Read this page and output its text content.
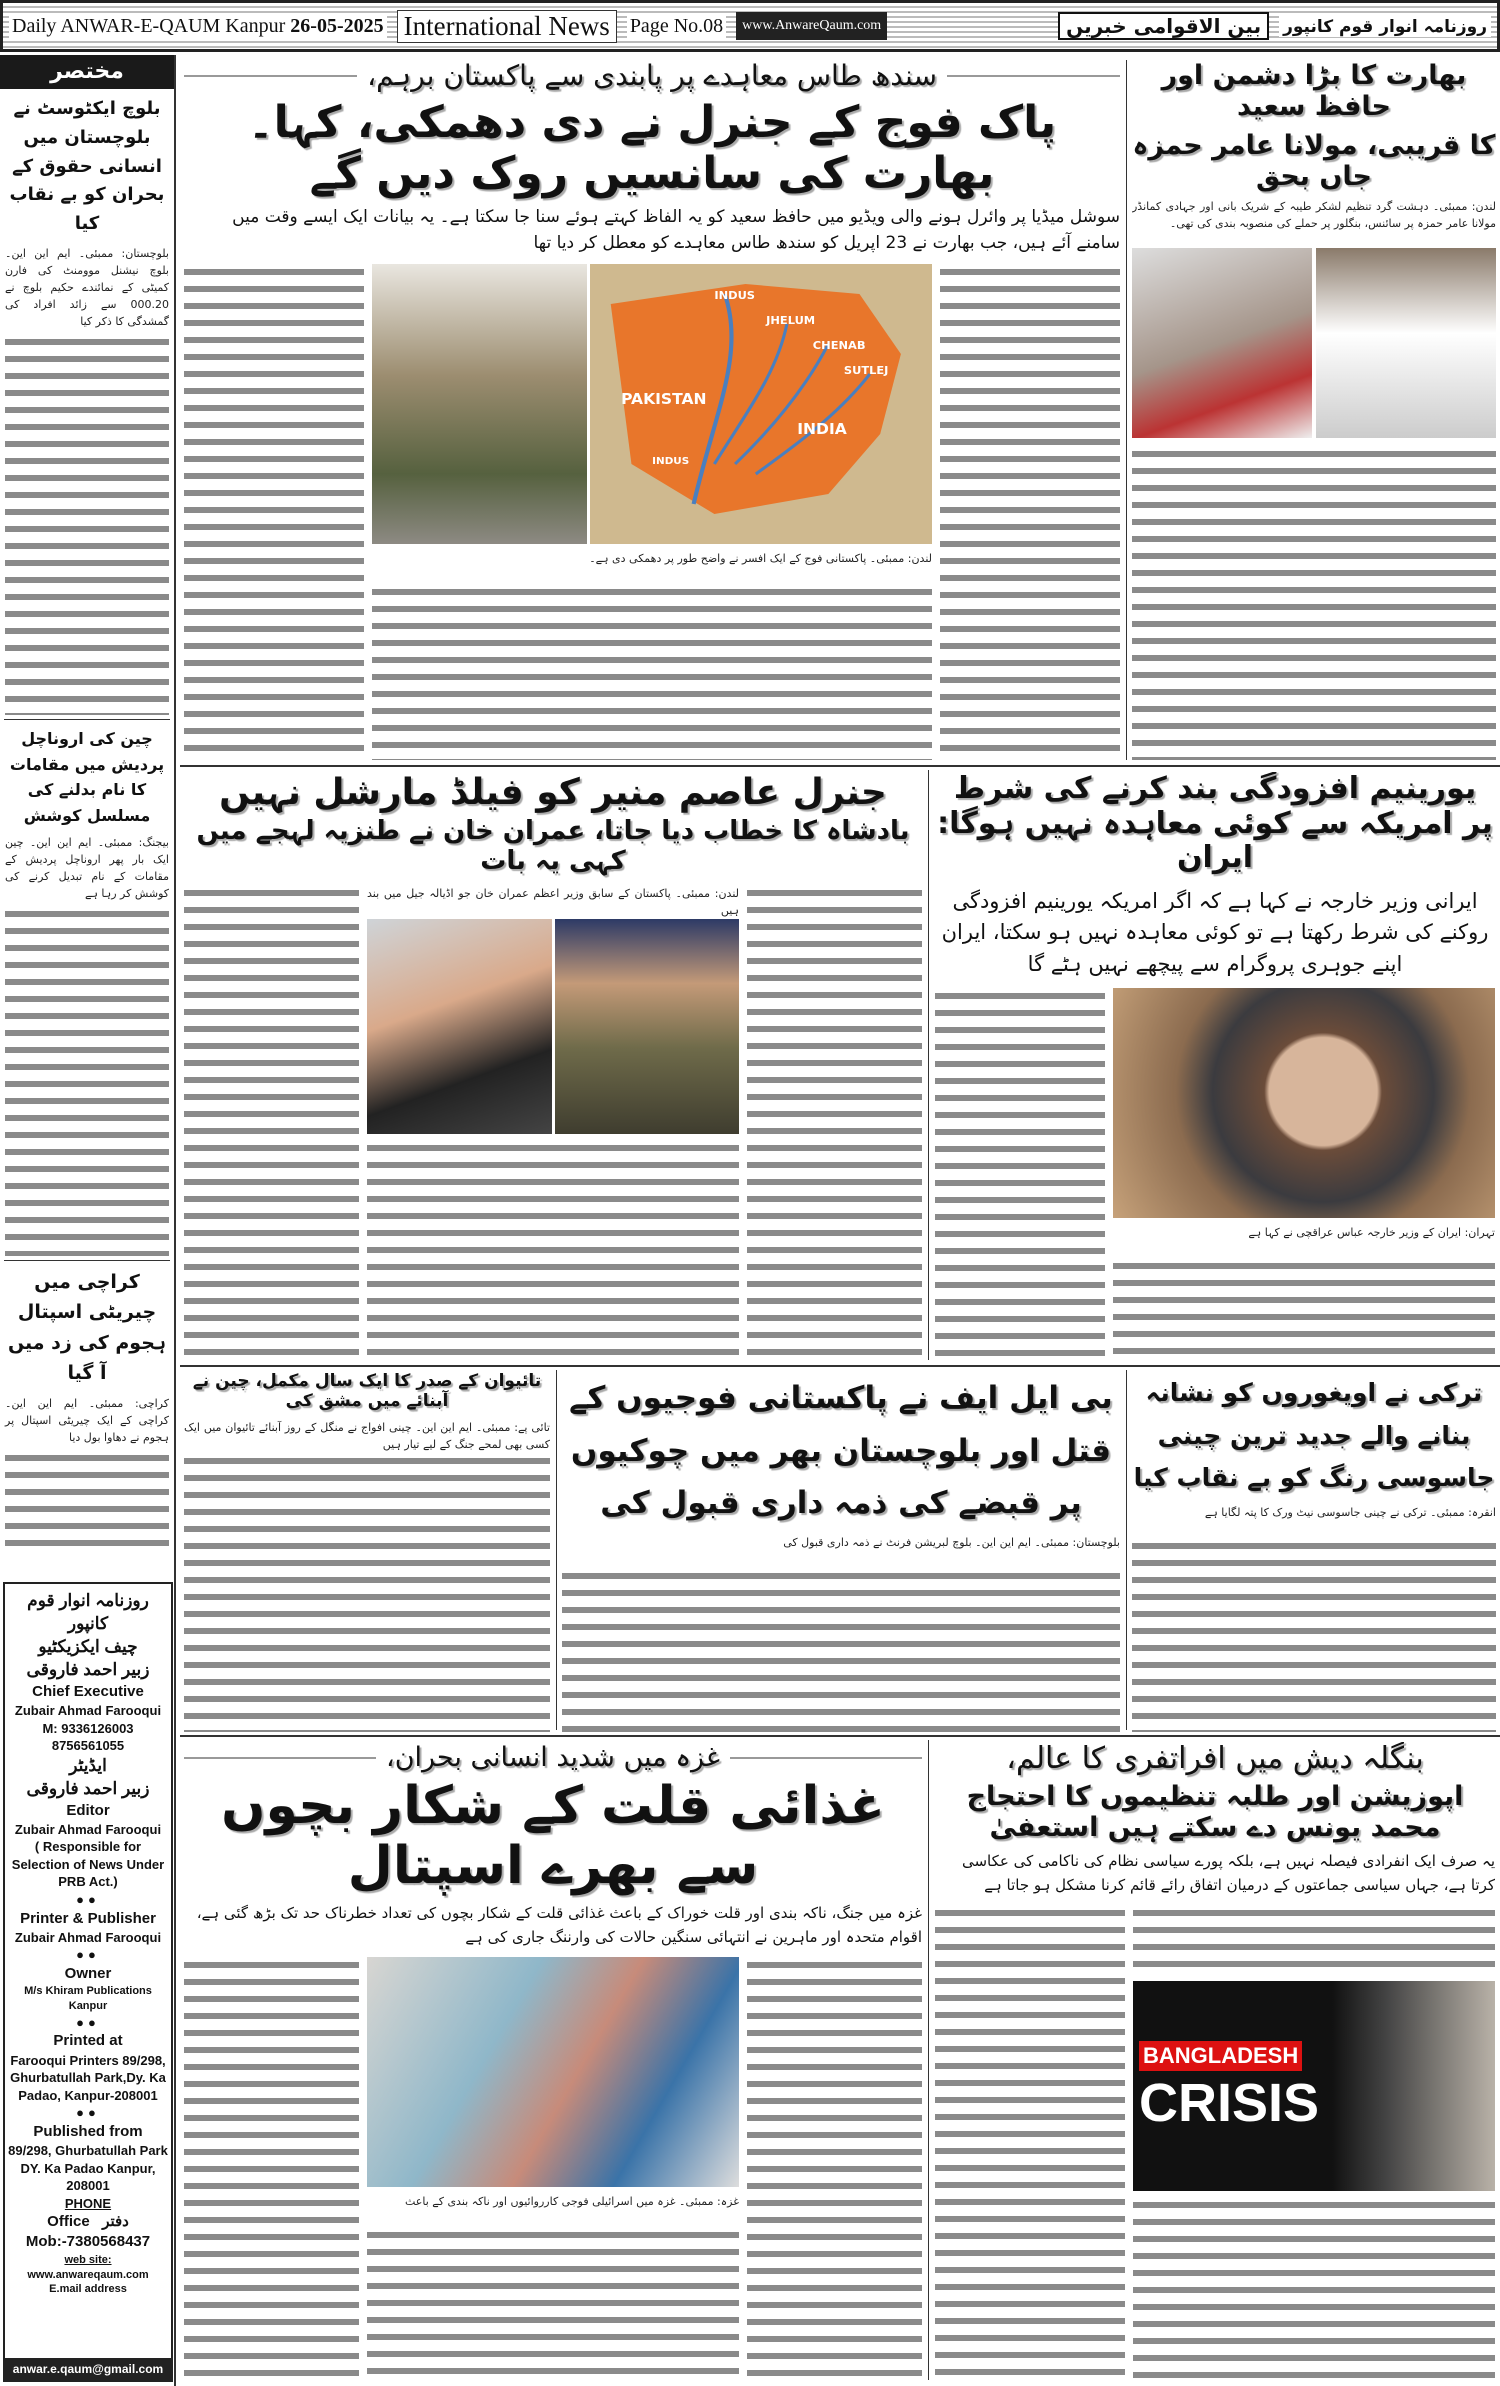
Daily ANWAR-E-QAUM Kanpur 26-05-2025 International News	Page No.08	www.AnwareQaum.com	بین الاقوامی خبریں	روزنامہ انوار قوم کانپور
مختصر
بلوچ ایکٹوسٹ نے بلوچستان میں انسانی حقوق کے بحران کو بے نقاب کیا
بلوچستان: ممبئی۔ ایم این این۔ بلوچ نیشنل موومنٹ کی فارن کمیٹی کے نمائندے حکیم بلوچ نے 000.20 سے زائد افراد کی گمشدگی کا ذکر کیا
چین کی اروناچل پردیش میں مقامات کا نام بدلنے کی مسلسل کوشش
بیجنگ: ممبئی۔ ایم این این۔ چین ایک بار پھر اروناچل پردیش کے مقامات کے نام تبدیل کرنے کی کوشش کر رہا ہے
کراچی میں چیریٹی اسپتال ہجوم کی زد میں آ گیا
کراچی: ممبئی۔ ایم این این۔ کراچی کے ایک چیریٹی اسپتال پر ہجوم نے دھاوا بول دیا
روزنامہ انوار قوم کانپور
چیف ایکزیکٹیو
زبیر احمد فاروقی
Chief Executive
Zubair Ahmad Farooqui
M: 9336126003
8756561055
ایڈیٹر
زبیر احمد فاروقی
Editor
Zubair Ahmad Farooqui
( Responsible for Selection of News Under PRB Act.)
●●
Printer & Publisher
Zubair Ahmad Farooqui
●●
Owner
M/s Khiram Publications Kanpur
●●
Printed at
Farooqui Printers 89/298, Ghurbatullah Park,Dy. Ka Padao, Kanpur-208001
●●
Published from
89/298, Ghurbatullah Park DY. Ka Padao Kanpur, 208001
PHONE
Office دفتر
Mob:-7380568437
web site:
www.anwareqaum.com
E.mail address
anwar.e.qaum@gmail.com
بھارت کا بڑا دشمن اور حافظ سعید
کا قریبی، مولانا عامر حمزہ جاں بحق
لندن: ممبئی۔ دہشت گرد تنظیم لشکر طیبہ کے شریک بانی اور جہادی کمانڈر مولانا عامر حمزہ پر سائنس، بنگلور پر حملے کی منصوبہ بندی کی تھی۔
سندھ طاس معاہدے پر پابندی سے پاکستان برہم،
پاک فوج کے جنرل نے دی دھمکی، کہا۔ بھارت کی سانسیں روک دیں گے
سوشل میڈیا پر وائرل ہونے والی ویڈیو میں حافظ سعید کو یہ الفاظ کہتے ہوئے سنا جا سکتا ہے۔ یہ بیانات ایک ایسے وقت میں سامنے آئے ہیں، جب بھارت نے 23 اپریل کو سندھ طاس معاہدے کو معطل کر دیا تھا
INDUS
JHELUM
CHENAB
SUTLEJ
PAKISTAN
INDIA
INDUS
لندن: ممبئی۔ پاکستانی فوج کے ایک افسر نے واضح طور پر دھمکی دی ہے۔
یورینیم افزودگی بند کرنے کی شرط پر امریکہ سے کوئی معاہدہ نہیں ہوگا: ایران
ایرانی وزیر خارجہ نے کہا ہے کہ اگر امریکہ یورینیم افزودگی روکنے کی شرط رکھتا ہے تو کوئی معاہدہ نہیں ہو سکتا، ایران اپنے جوہری پروگرام سے پیچھے نہیں ہٹے گا
تہران: ایران کے وزیر خارجہ عباس عراقچی نے کہا ہے
جنرل عاصم منیر کو فیلڈ مارشل نہیں
بادشاہ کا خطاب دیا جاتا، عمران خان نے طنزیہ لہجے میں کہی یہ بات
لندن: ممبئی۔ پاکستان کے سابق وزیر اعظم عمران خان جو اڈیالہ جیل میں بند ہیں
ترکی نے اویغوروں کو نشانہ بنانے والے جدید ترین چینی جاسوسی رنگ کو بے نقاب کیا
انقرہ: ممبئی۔ ترکی نے چینی جاسوسی نیٹ ورک کا پتہ لگایا ہے
بی ایل ایف نے پاکستانی فوجیوں کے قتل اور بلوچستان بھر میں چوکیوں پر قبضے کی ذمہ داری قبول کی
بلوچستان: ممبئی۔ ایم این این۔ بلوچ لبریشن فرنٹ نے ذمہ داری قبول کی
تائیوان کے صدر کا ایک سال مکمل، چین نے آبنائے میں مشق کی
تائی پے: ممبئی۔ ایم این این۔ چینی افواج نے منگل کے روز آبنائے تائیوان میں ایک کسی بھی لمحے جنگ کے لیے تیار ہیں
بنگلہ دیش میں افراتفری کا عالم،
اپوزیشن اور طلبہ تنظیموں کا احتجاج محمد یونس دے سکتے ہیں استعفیٰ
یہ صرف ایک انفرادی فیصلہ نہیں ہے، بلکہ پورے سیاسی نظام کی ناکامی کی عکاسی کرتا ہے، جہاں سیاسی جماعتوں کے درمیان اتفاق رائے قائم کرنا مشکل ہو جاتا ہے
BANGLADESH
CRISIS
غزہ میں شدید انسانی بحران،
غذائی قلت کے شکار بچوں سے بھرے اسپتال
غزہ میں جنگ، ناکہ بندی اور قلت خوراک کے باعث غذائی قلت کے شکار بچوں کی تعداد خطرناک حد تک بڑھ گئی ہے، اقوام متحدہ اور ماہرین نے انتہائی سنگین حالات کی وارننگ جاری کی ہے
غزہ: ممبئی۔ غزہ میں اسرائیلی فوجی کارروائیوں اور ناکہ بندی کے باعث
